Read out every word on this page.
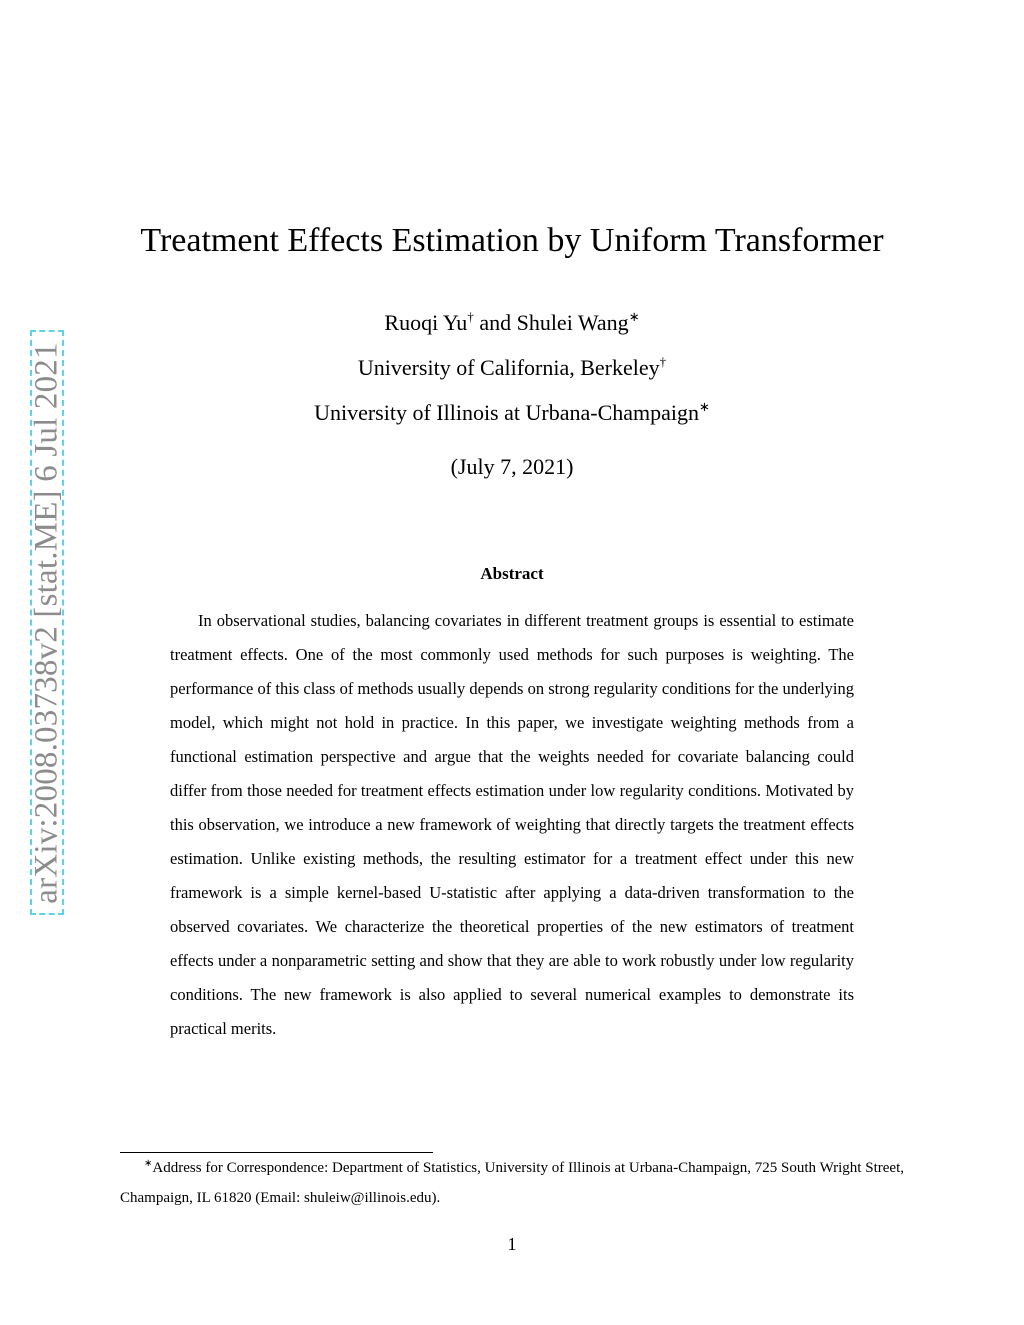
arXiv:2008.03738v2 [stat.ME] 6 Jul 2021
Treatment Effects Estimation by Uniform Transformer
Ruoqi Yu† and Shulei Wang∗
University of California, Berkeley†
University of Illinois at Urbana-Champaign∗
(July 7, 2021)
Abstract

In observational studies, balancing covariates in different treatment groups is essential to estimate treatment effects. One of the most commonly used methods for such purposes is weighting. The performance of this class of methods usually depends on strong regularity conditions for the underlying model, which might not hold in practice. In this paper, we investigate weighting methods from a functional estimation perspective and argue that the weights needed for covariate balancing could differ from those needed for treatment effects estimation under low regularity conditions. Motivated by this observation, we introduce a new framework of weighting that directly targets the treatment effects estimation. Unlike existing methods, the resulting estimator for a treatment effect under this new framework is a simple kernel-based U-statistic after applying a data-driven transformation to the observed covariates. We characterize the theoretical properties of the new estimators of treatment effects under a nonparametric setting and show that they are able to work robustly under low regularity conditions. The new framework is also applied to several numerical examples to demonstrate its practical merits.

∗Address for Correspondence: Department of Statistics, University of Illinois at Urbana-Champaign, 725 South Wright Street, Champaign, IL 61820 (Email: shuleiw@illinois.edu).

1
